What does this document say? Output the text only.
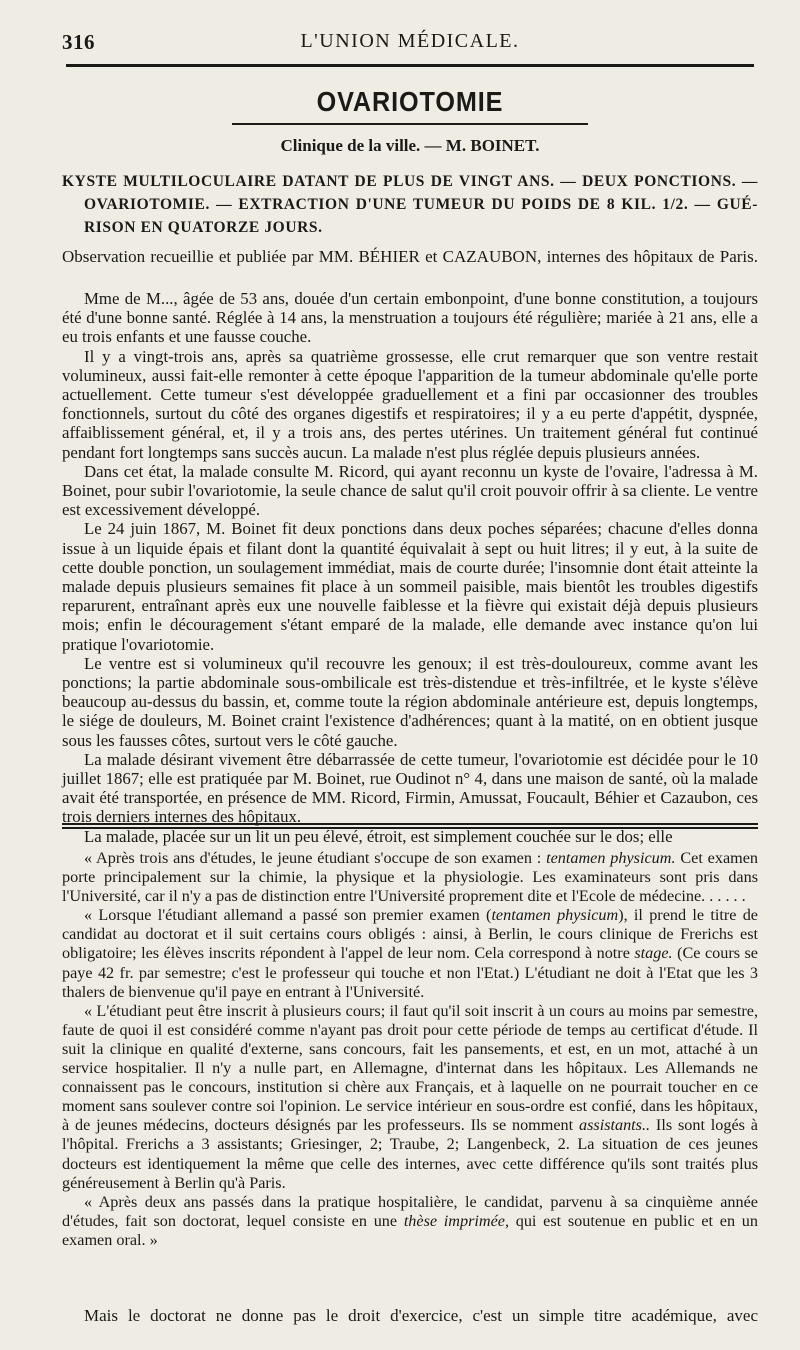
316	L'UNION MÉDICALE.
OVARIOTOMIE
Clinique de la ville. — M. BOINET.
KYSTE MULTILOCULAIRE DATANT DE PLUS DE VINGT ANS. — DEUX PONCTIONS. —
OVARIOTOMIE. — EXTRACTION D'UNE TUMEUR DU POIDS DE 8 KIL. 1/2. — GUÉ-
RISON EN QUATORZE JOURS.
Observation recueillie et publiée par MM. BÉHIER et CAZAUBON, internes des hôpitaux de Paris.

Mme de M..., âgée de 53 ans, douée d'un certain embonpoint, d'une bonne constitution, a toujours été d'une bonne santé. Réglée à 14 ans, la menstruation a toujours été régulière; mariée à 21 ans, elle a eu trois enfants et une fausse couche.

Il y a vingt-trois ans, après sa quatrième grossesse, elle crut remarquer que son ventre restait volumineux, aussi fait-elle remonter à cette époque l'apparition de la tumeur abdominale qu'elle porte actuellement. Cette tumeur s'est développée graduellement et a fini par occasionner des troubles fonctionnels, surtout du côté des organes digestifs et respiratoires; il y a eu perte d'appétit, dyspnée, affaiblissement général, et, il y a trois ans, des pertes utérines. Un traitement général fut continué pendant fort longtemps sans succès aucun. La malade n'est plus réglée depuis plusieurs années.

Dans cet état, la malade consulte M. Ricord, qui ayant reconnu un kyste de l'ovaire, l'adressa à M. Boinet, pour subir l'ovariotomie, la seule chance de salut qu'il croit pouvoir offrir à sa cliente. Le ventre est excessivement développé.

Le 24 juin 1867, M. Boinet fit deux ponctions dans deux poches séparées; chacune d'elles donna issue à un liquide épais et filant dont la quantité équivalait à sept ou huit litres; il y eut, à la suite de cette double ponction, un soulagement immédiat, mais de courte durée; l'insomnie dont était atteinte la malade depuis plusieurs semaines fit place à un sommeil paisible, mais bientôt les troubles digestifs reparurent, entraînant après eux une nouvelle faiblesse et la fièvre qui existait déjà depuis plusieurs mois; enfin le découragement s'étant emparé de la malade, elle demande avec instance qu'on lui pratique l'ovariotomie.

Le ventre est si volumineux qu'il recouvre les genoux; il est très-douloureux, comme avant les ponctions; la partie abdominale sous-ombilicale est très-distendue et très-infiltrée, et le kyste s'élève beaucoup au-dessus du bassin, et, comme toute la région abdominale antérieure est, depuis longtemps, le siége de douleurs, M. Boinet craint l'existence d'adhérences; quant à la matité, on en obtient jusque sous les fausses côtes, surtout vers le côté gauche.

La malade désirant vivement être débarrassée de cette tumeur, l'ovariotomie est décidée pour le 10 juillet 1867; elle est pratiquée par M. Boinet, rue Oudinot n° 4, dans une maison de santé, où la malade avait été transportée, en présence de MM. Ricord, Firmin, Amussat, Foucault, Béhier et Cazaubon, ces trois derniers internes des hôpitaux.

La malade, placée sur un lit un peu élevé, étroit, est simplement couchée sur le dos; elle

« Après trois ans d'études, le jeune étudiant s'occupe de son examen : tentamen physicum. Cet examen porte principalement sur la chimie, la physique et la physiologie. Les examinateurs sont pris dans l'Université, car il n'y a pas de distinction entre l'Université proprement dite et l'Ecole de médecine. . . . . .

« Lorsque l'étudiant allemand a passé son premier examen (tentamen physicum), il prend le titre de candidat au doctorat et il suit certains cours obligés : ainsi, à Berlin, le cours clinique de Frerichs est obligatoire; les élèves inscrits répondent à l'appel de leur nom. Cela correspond à notre stage. (Ce cours se paye 42 fr. par semestre; c'est le professeur qui touche et non l'Etat.) L'étudiant ne doit à l'Etat que les 3 thalers de bienvenue qu'il paye en entrant à l'Université.

« L'étudiant peut être inscrit à plusieurs cours; il faut qu'il soit inscrit à un cours au moins par semestre, faute de quoi il est considéré comme n'ayant pas droit pour cette période de temps au certificat d'étude. Il suit la clinique en qualité d'externe, sans concours, fait les pansements, et est, en un mot, attaché à un service hospitalier. Il n'y a nulle part, en Allemagne, d'internat dans les hôpitaux. Les Allemands ne connaissent pas le concours, institution si chère aux Français, et à laquelle on ne pourrait toucher en ce moment sans soulever contre soi l'opinion. Le service intérieur en sous-ordre est confié, dans les hôpitaux, à de jeunes médecins, docteurs désignés par les professeurs. Ils se nomment assistants.. Ils sont logés à l'hôpital. Frerichs a 3 assistants; Griesinger, 2; Traube, 2; Langenbeck, 2. La situation de ces jeunes docteurs est identiquement la même que celle des internes, avec cette différence qu'ils sont traités plus généreusement à Berlin qu'à Paris.

« Après deux ans passés dans la pratique hospitalière, le candidat, parvenu à sa cinquième année d'études, fait son doctorat, lequel consiste en une thèse imprimée, qui est soutenue en public et en un examen oral. »

Mais le doctorat ne donne pas le droit d'exercice, c'est un simple titre académique, avec
